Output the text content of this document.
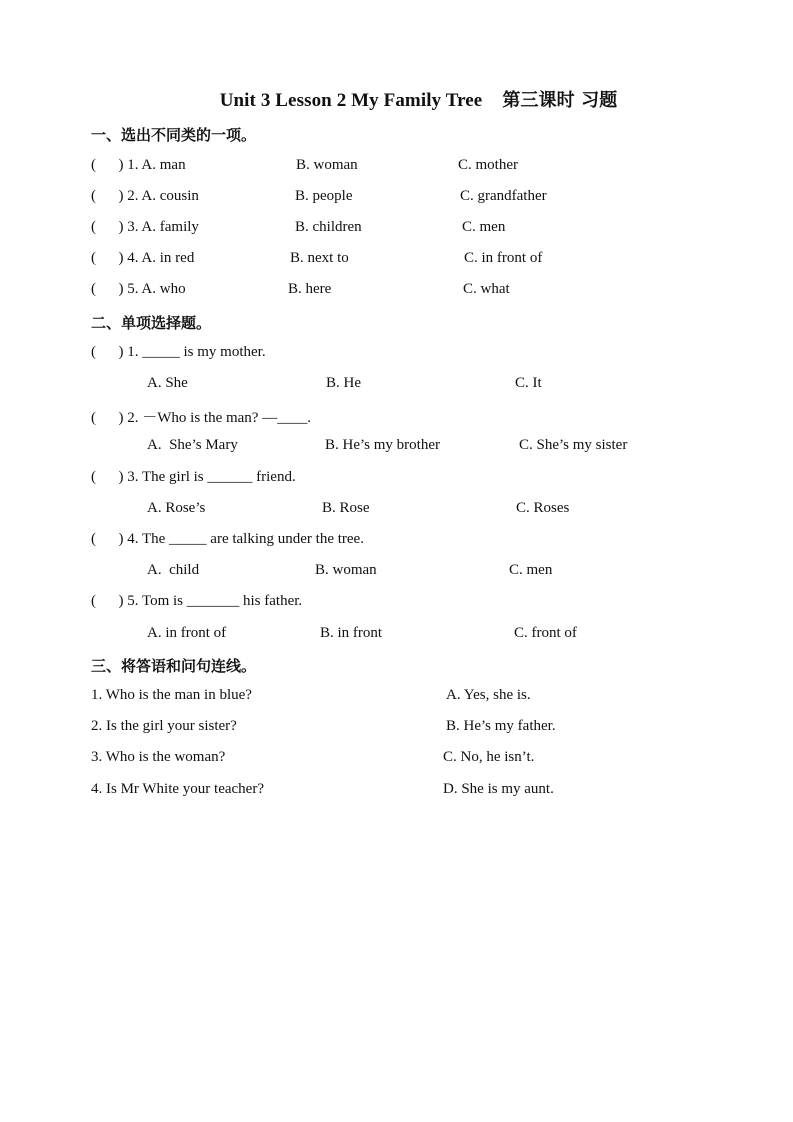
Unit 3 Lesson 2 My Family Tree 第三课时 习题
一、选出不同类的一项。
(      ) 1. A. man	B. woman	C. mother
(      ) 2. A. cousin	B. people	C. grandfather
(      ) 3. A. family	B. children	C. men
(      ) 4. A. in red	B. next to	C. in front of
(      ) 5. A. who	B. here	C. what
二、单项选择题。
(      ) 1. _____ is my mother.
A. She	B. He	C. It
(      ) 2. －Who is the man? —____.
A.  She’s Mary	B. He’s my brother	C. She’s my sister
(      ) 3. The girl is ______ friend.
A. Rose’s	B. Rose	C. Roses
(      ) 4. The _____ are talking under the tree.
A.  child	B. woman	C. men
(      ) 5. Tom is _______ his father.
A. in front of	B. in front	C. front of
三、将答语和问句连线。
1. Who is the man in blue?	A. Yes, she is.
2. Is the girl your sister?	B. He’s my father.
3. Who is the woman?	C. No, he isn’t.
4. Is Mr White your teacher?	D. She is my aunt.
